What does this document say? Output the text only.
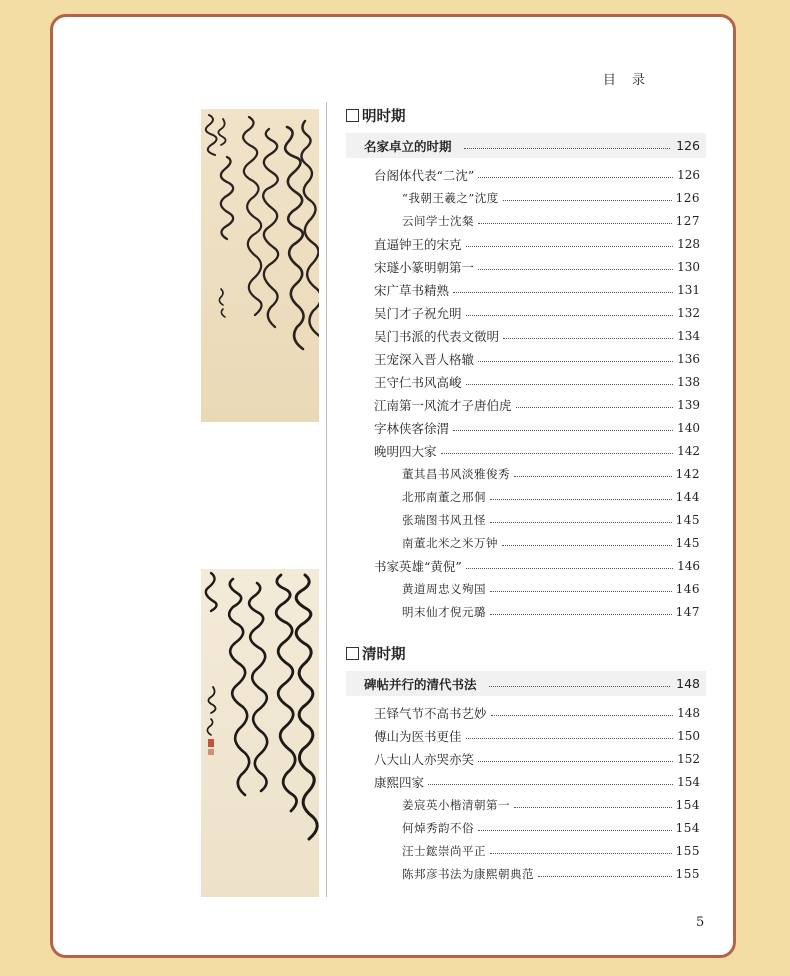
目 录
明时期
名家卓立的时期	126
台阁体代表“二沈”	126
“我朝王羲之”沈度	126
云间学士沈粲	127
直逼钟王的宋克	128
宋璲小篆明朝第一	130
宋广草书精熟	131
吴门才子祝允明	132
吴门书派的代表文徵明	134
王宠深入晋人格辙	136
王守仁书风高峻	138
江南第一风流才子唐伯虎	139
字林侠客徐渭	140
晚明四大家	142
董其昌书风淡雅俊秀	142
北邢南董之邢侗	144
张瑞图书风丑怪	145
南董北米之米万钟	145
书家英雄“黄倪”	146
黄道周忠义殉国	146
明末仙才倪元璐	147
清时期
碑帖并行的清代书法	148
王铎气节不高书艺妙	148
傅山为医书更佳	150
八大山人亦哭亦笑	152
康熙四家	154
姜宸英小楷清朝第一	154
何焯秀韵不俗	154
汪士鋐崇尚平正	155
陈邦彦书法为康熙朝典范	155
5
